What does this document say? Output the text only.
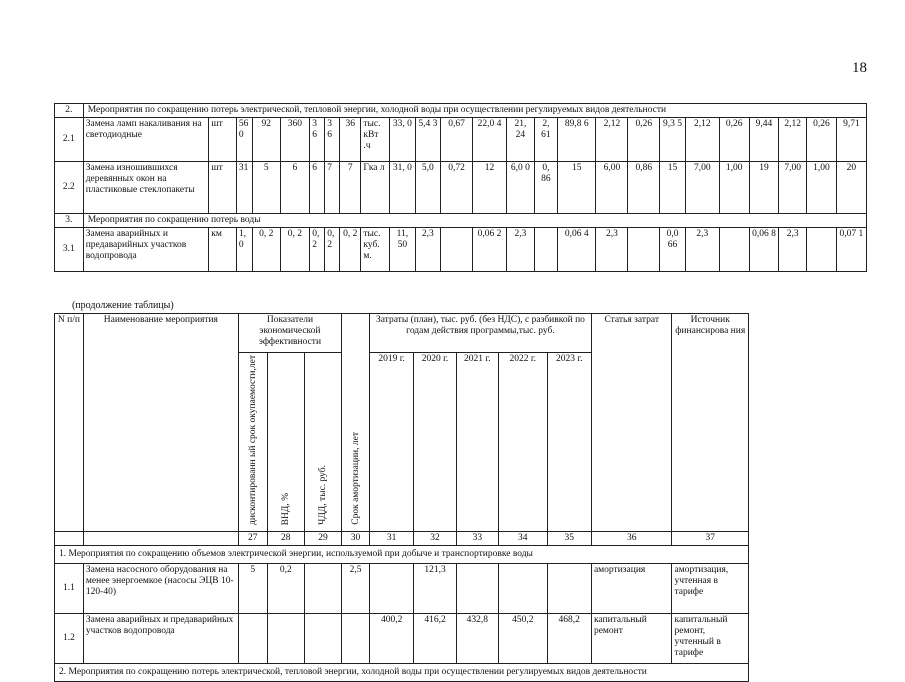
18
2.	Мероприятия по сокращению потерь электрической, тепловой энергии, холодной воды при осуществлении регулируемых видов деятельности																								
2.1	Замена ламп накаливания на светодиодные	шт	56 0	92	360	3 6	3 6	36	тыс. кВт .ч	33, 0	5,4 3	0,67	22,0 4	21, 24	2, 61	89,8 6	2,12	0,26	9,3 5	2,12	0,26	9,44	2,12	0,26	9,71
2.2	Замена изношившихся деревянных окон на пластиковые стеклопакеты	шт	31	5	6	6	7	7	Гка л	31, 0	5,0	0,72	12	6,0 0	0, 86	15	6,00	0,86	15	7,00	1,00	19	7,00	1,00	20
3.	Мероприятия по сокращению потерь воды																								
3.1	Замена аварийных и предаварийных участков водопровода	км	1, 0	0, 2	0, 2	0, 2	0, 2	0, 2	тыс. куб. м.	11, 50	2,3		0,06 2	2,3		0,06 4	2,3		0,0 66	2,3		0,06 8	2,3		0,07 1
(продолжение таблицы)
N п/п	Наименование мероприятия	Показатели экономической эффективности			Срок амортизации, лет	Затраты (план), тыс. руб. (без НДС), с разбивкой по годам действия программы,тыс. руб.					Статья затрат	Источник финансирова ния
		дисконтированн ый срок окупаемости,лет	ВНД, %	ЧДД, тыс. руб.		2019 г.	2020 г.	2021 г.	2022 г.	2023 г.		
		27	28	29	30	31	32	33	34	35	36	37
1. Мероприятия по сокращению объемов электрической энергии, используемой при добыче и транспортировке воды												
1.1	Замена насосного оборудования на менее энергоемкое (насосы ЭЦВ 10-120-40)	5	0,2		2,5		121,3				амортизация	амортизация, учтенная в тарифе
1.2	Замена аварийных и предаварийных участков водопровода					400,2	416,2	432,8	450,2	468,2	капитальный ремонт	капитальный ремонт, учтенный в тарифе
2. Мероприятия по сокращению потерь электрической, тепловой энергии, холодной воды при осуществлении регулируемых видов деятельности												
